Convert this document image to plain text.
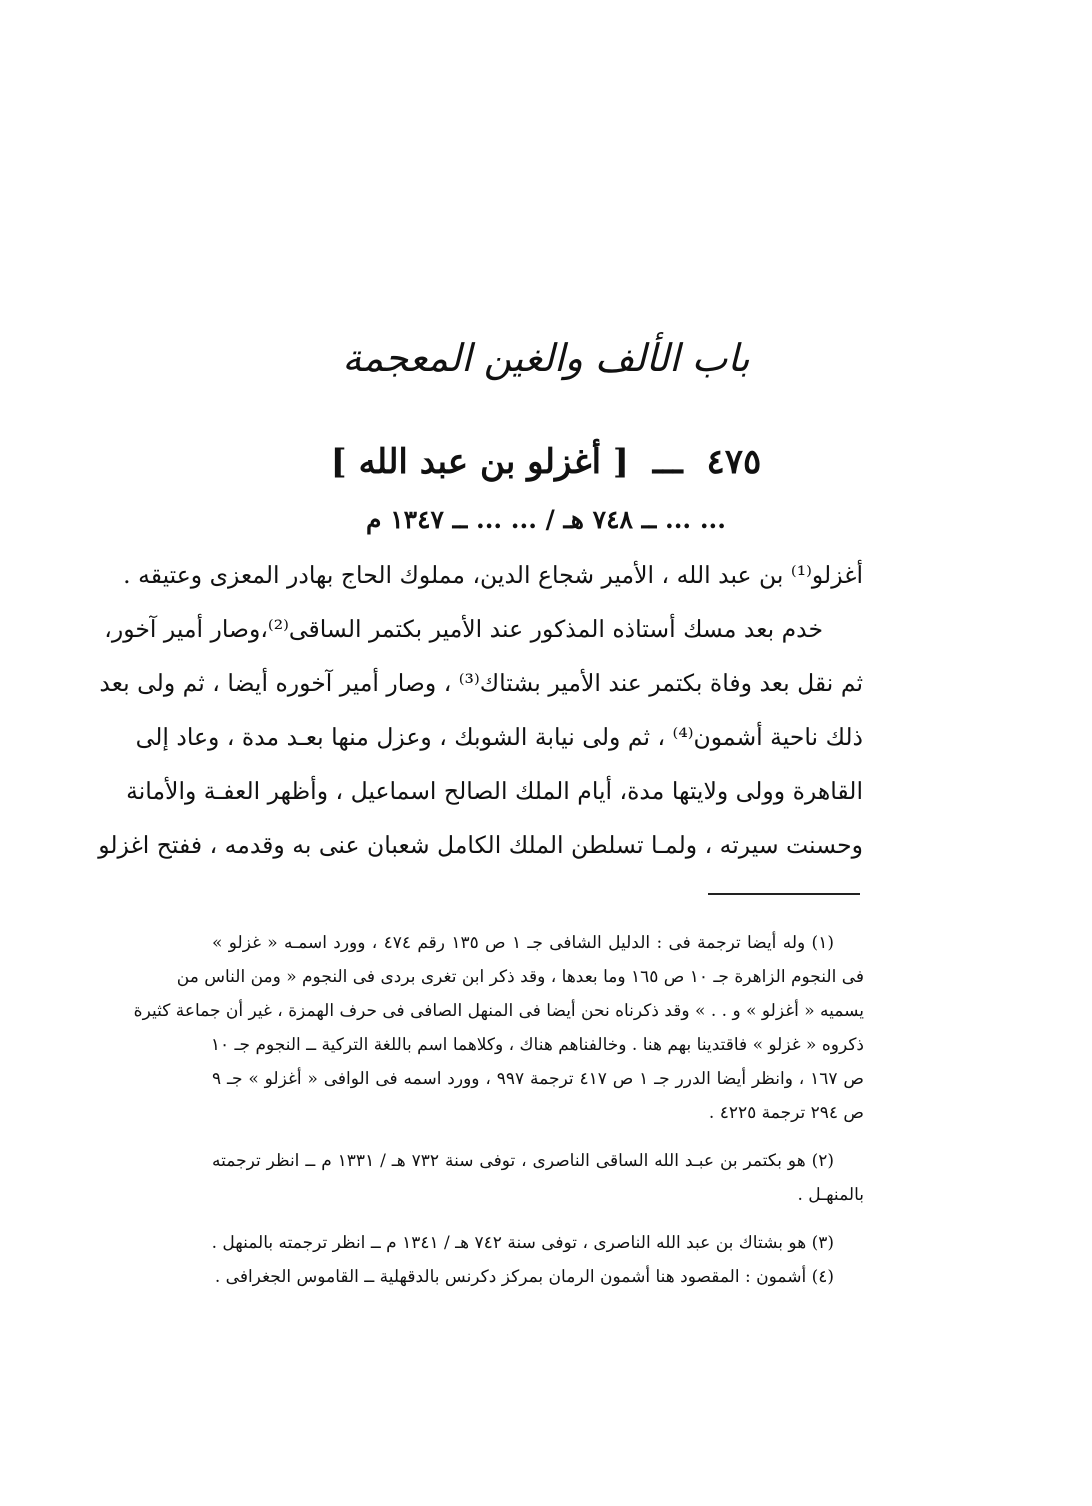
باب الألف والغين المعجمة
٤٧٥ ـــ [ أغزلو بن عبد الله ]
... ... ــ ٧٤٨ هـ / ... ... ــ ١٣٤٧ م
أغزلو⁽¹⁾ بن عبد الله ، الأمير شجاع الدين، مملوك الحاج بهادر المعزى وعتيقه .
خدم بعد مسك أستاذه المذكور عند الأمير بكتمر الساقى⁽²⁾،وصار أمير آخور،
ثم نقل بعد وفاة بكتمر عند الأمير بشتاك⁽³⁾ ، وصار أمير آخوره أيضا ، ثم ولى بعد
ذلك ناحية أشمون⁽⁴⁾ ، ثم ولى نيابة الشوبك ، وعزل منها بعـد مدة ، وعاد إلى
القاهرة وولى ولايتها مدة، أيام الملك الصالح اسماعيل ، وأظهر العفـة والأمانة
وحسنت سيرته ، ولمـا تسلطن الملك الكامل شعبان عنى به وقدمه ، ففتح اغزلو
(١) وله أيضا ترجمة فى : الدليل الشافى جـ ١ ص ١٣٥ رقم ٤٧٤ ، وورد اسمـه « غزلو »
فى النجوم الزاهرة جـ ١٠ ص ١٦٥ وما بعدها ، وقد ذكر ابن تغرى بردى فى النجوم « ومن الناس من
يسميه « أغزلو » و . . » وقد ذكرناه نحن أيضا فى المنهل الصافى فى حرف الهمزة ، غير أن جماعة كثيرة
ذكروه « غزلو » فاقتدينا بهم هنا . وخالفناهم هناك ، وكلاهما اسم باللغة التركية ــ النجوم جـ ١٠
ص ١٦٧ ، وانظر أيضا الدرر جـ ١ ص ٤١٧ ترجمة ٩٩٧ ، وورد اسمه فى الوافى « أغزلو » جـ ٩
ص ٢٩٤ ترجمة ٤٢٢٥ .
(٢) هو بكتمر بن عبـد الله الساقى الناصرى ، توفى سنة ٧٣٢ هـ / ١٣٣١ م ــ انظر ترجمته
بالمنهـل .
(٣) هو بشتاك بن عبد الله الناصرى ، توفى سنة ٧٤٢ هـ / ١٣٤١ م ــ انظر ترجمته بالمنهل .
(٤) أشمون : المقصود هنا أشمون الرمان بمركز دكرنس بالدقهلية ــ القاموس الجغرافى .
